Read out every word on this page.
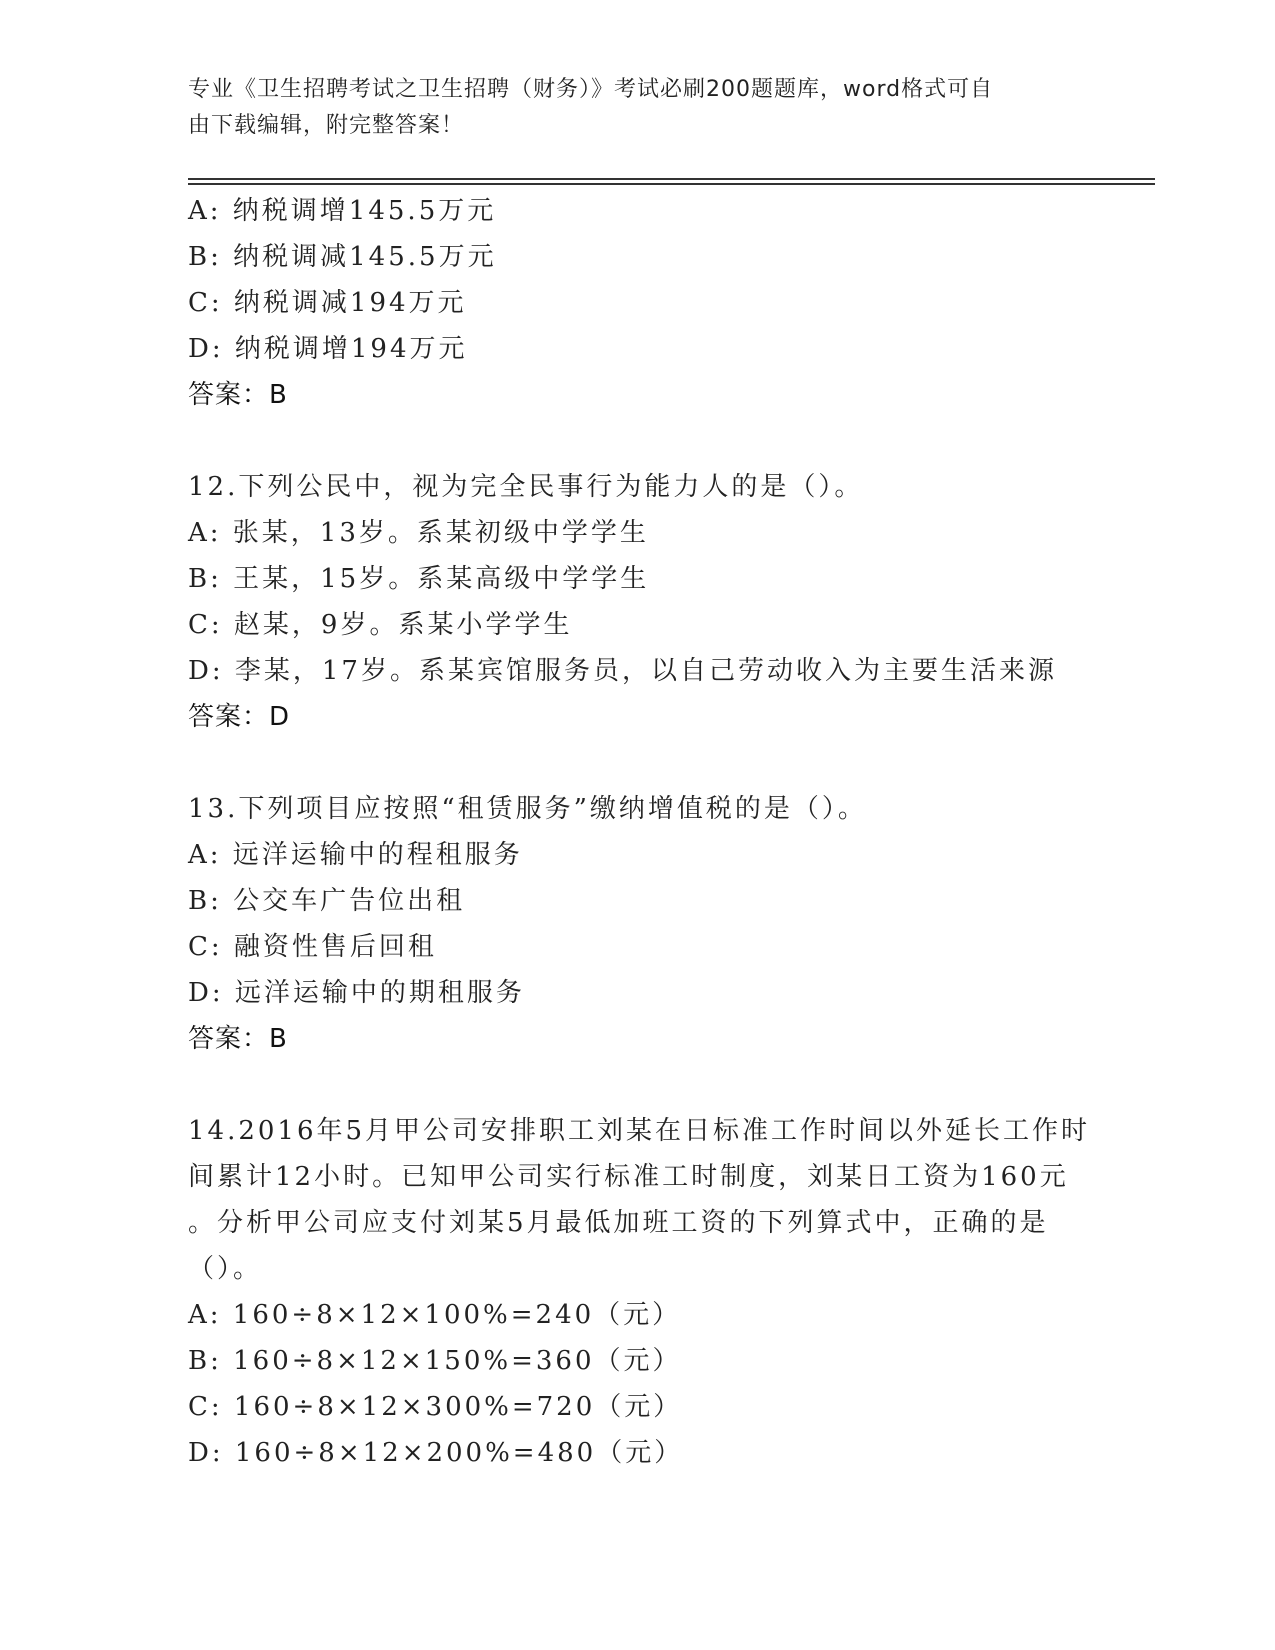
专业《卫生招聘考试之卫生招聘（财务）》考试必刷200题题库，word格式可自
由下载编辑，附完整答案！
A: 纳税调增145.5万元
B: 纳税调减145.5万元
C: 纳税调减194万元
D: 纳税调增194万元
答案：B
12.下列公民中，视为完全民事行为能力人的是（）。
A: 张某，13岁。系某初级中学学生
B: 王某，15岁。系某高级中学学生
C: 赵某，9岁。系某小学学生
D: 李某，17岁。系某宾馆服务员，以自己劳动收入为主要生活来源
答案：D
13.下列项目应按照“租赁服务”缴纳增值税的是（）。
A: 远洋运输中的程租服务
B: 公交车广告位出租
C: 融资性售后回租
D: 远洋运输中的期租服务
答案：B
14.2016年5月甲公司安排职工刘某在日标准工作时间以外延长工作时
间累计12小时。已知甲公司实行标准工时制度，刘某日工资为160元
。分析甲公司应支付刘某5月最低加班工资的下列算式中，正确的是
（）。
A: 160÷8×12×100%=240（元）
B: 160÷8×12×150%=360（元）
C: 160÷8×12×300%=720（元）
D: 160÷8×12×200%=480（元）
